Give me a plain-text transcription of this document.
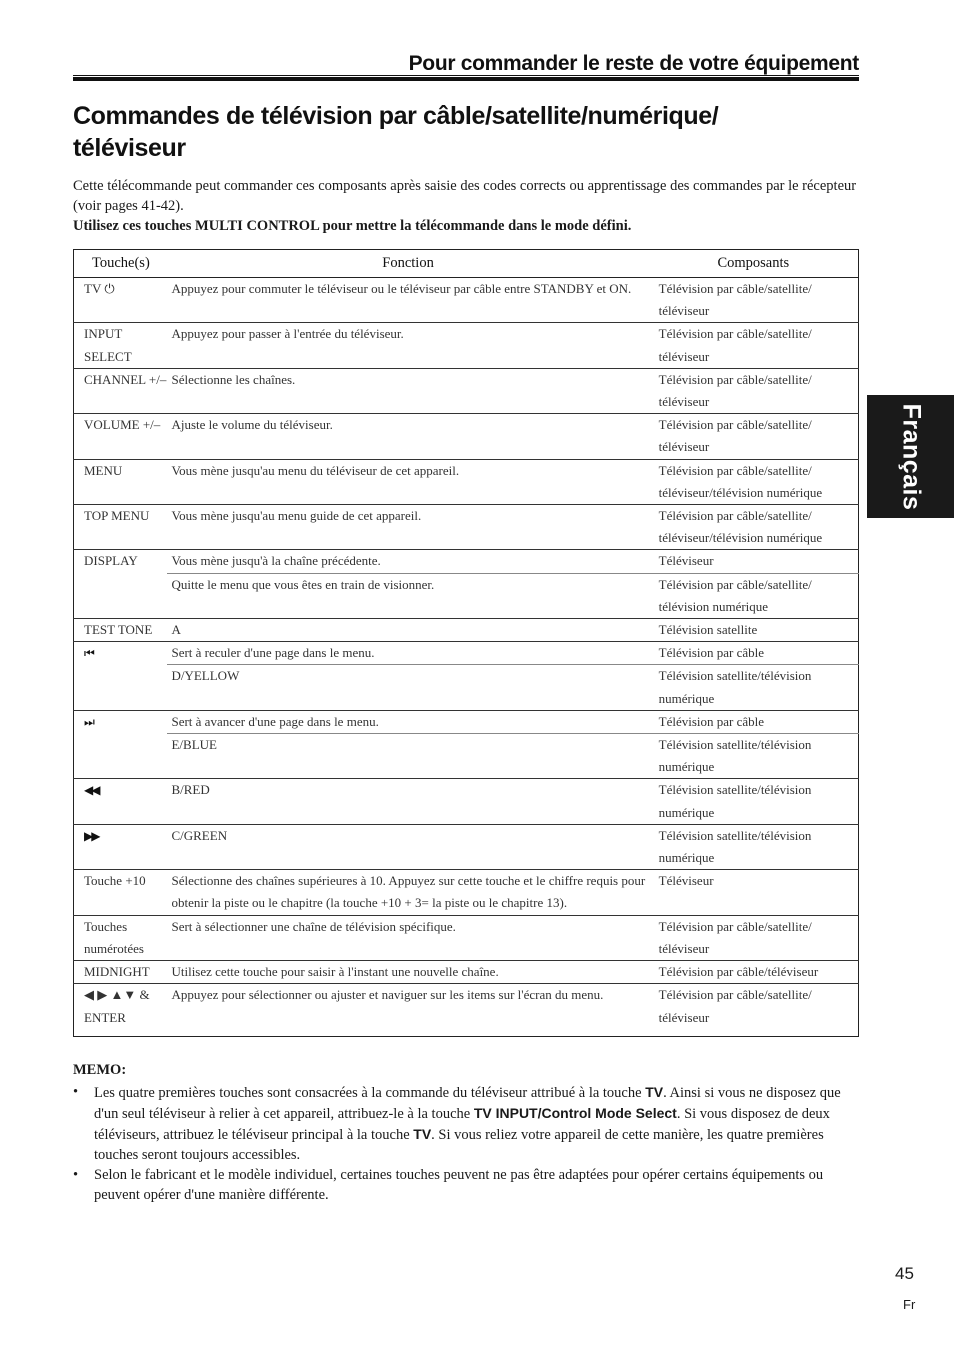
Pour commander le reste de votre équipement
Français
Commandes de télévision par câble/satellite/numérique/ téléviseur

Cette télécommande peut commander ces composants après saisie des codes corrects ou apprentissage des commandes par le récepteur (voir pages 41-42).

Utilisez ces touches MULTI CONTROL pour mettre la télécommande dans le mode défini.

Touche(s)	Fonction	Composants
TV ⏻	Appuyez pour commuter le téléviseur ou le téléviseur par câble entre STANDBY et ON.	Télévision par câble/satellite/ téléviseur
INPUT SELECT	Appuyez pour passer à l'entrée du téléviseur.	Télévision par câble/satellite/ téléviseur
CHANNEL +/–	Sélectionne les chaînes.	Télévision par câble/satellite/ téléviseur
VOLUME +/–	Ajuste le volume du téléviseur.	Télévision par câble/satellite/ téléviseur
MENU	Vous mène jusqu'au menu du téléviseur de cet appareil.	Télévision par câble/satellite/ téléviseur/télévision numérique
TOP MENU	Vous mène jusqu'au menu guide de cet appareil.	Télévision par câble/satellite/ téléviseur/télévision numérique
DISPLAY	Vous mène jusqu'à la chaîne précédente.	Téléviseur
	Quitte le menu que vous êtes en train de visionner.	Télévision par câble/satellite/ télévision numérique
TEST TONE	A	Télévision satellite
⏮	Sert à reculer d'une page dans le menu.	Télévision par câble
	D/YELLOW	Télévision satellite/télévision numérique
⏭	Sert à avancer d'une page dans le menu.	Télévision par câble
	E/BLUE	Télévision satellite/télévision numérique
◀◀	B/RED	Télévision satellite/télévision numérique
▶▶	C/GREEN	Télévision satellite/télévision numérique
Touche +10	Sélectionne des chaînes supérieures à 10. Appuyez sur cette touche et le chiffre requis pour obtenir la piste ou le chapitre (la touche +10 + 3= la piste ou le chapitre 13).	Téléviseur
Touches numérotées	Sert à sélectionner une chaîne de télévision spécifique.	Télévision par câble/satellite/ téléviseur
MIDNIGHT	Utilisez cette touche pour saisir à l'instant une nouvelle chaîne.	Télévision par câble/téléviseur
◀ ▶ ▲▼ & ENTER	Appuyez pour sélectionner ou ajuster et naviguer sur les items sur l'écran du menu.	Télévision par câble/satellite/ téléviseur

MEMO:

• Les quatre premières touches sont consacrées à la commande du téléviseur attribué à la touche TV. Ainsi si vous ne disposez que d'un seul téléviseur à relier à cet appareil, attribuez-le à la touche TV INPUT/Control Mode Select. Si vous disposez de deux téléviseurs, attribuez le téléviseur principal à la touche TV. Si vous reliez votre appareil de cette manière, les quatre premières touches seront toujours accessibles.
• Selon le fabricant et le modèle individuel, certaines touches peuvent ne pas être adaptées pour opérer certains équipements ou peuvent opérer d'une manière différente.
45
Fr
